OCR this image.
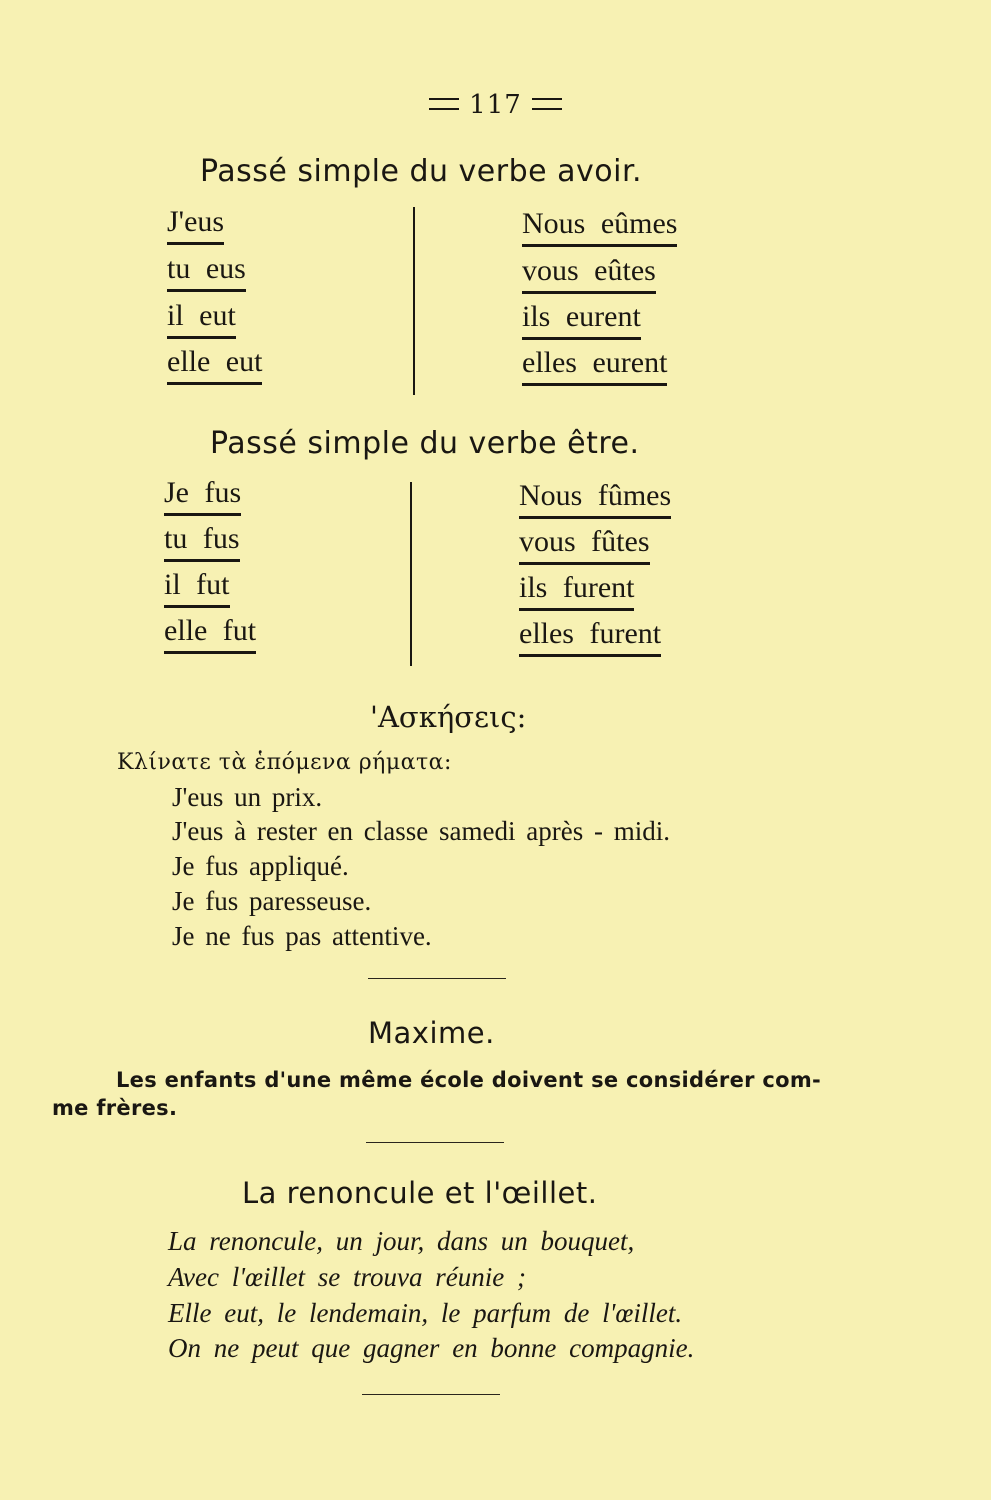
117
Passé simple du verbe avoir.
J'eus
tu eus
il eut
elle eut
Nous eûmes
vous eûtes
ils eurent
elles eurent
Passé simple du verbe être.
Je fus
tu fus
il fut
elle fut
Nous fûmes
vous fûtes
ils furent
elles furent
'Ασκήσεις:
Κλίνατε τὰ ἑπόμενα ρήματα:
J'eus un prix.
J'eus à rester en classe samedi après - midi.
Je fus appliqué.
Je fus paresseuse.
Je ne fus pas attentive.
Maxime.
Les enfants d'une même école doivent se considérer com-
me frères.
La renoncule et l'œillet.
La renoncule, un jour, dans un bouquet,
Avec l'œillet se trouva réunie ;
Elle eut, le lendemain, le parfum de l'œillet.
On ne peut que gagner en bonne compagnie.
